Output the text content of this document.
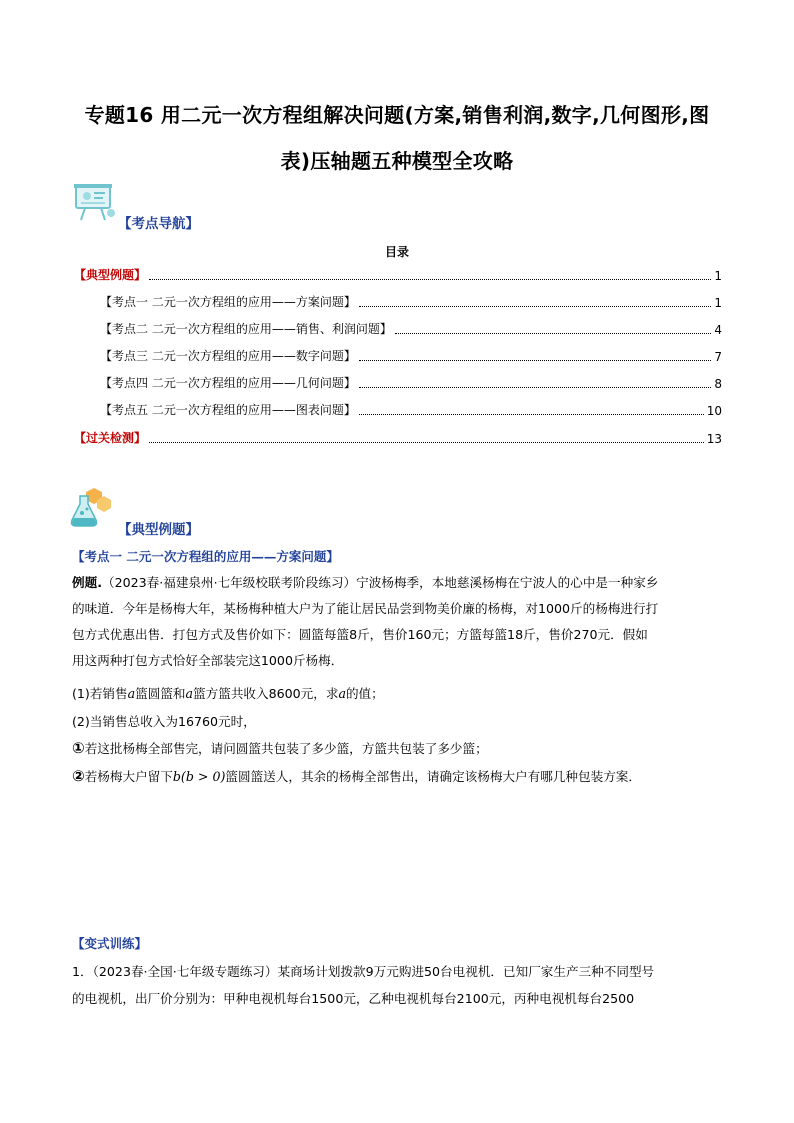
专题16 用二元一次方程组解决问题(方案,销售利润,数字,几何图形,图
表)压轴题五种模型全攻略
【考点导航】
目录
【典型例题】	1
【考点一 二元一次方程组的应用——方案问题】	1
【考点二 二元一次方程组的应用——销售、利润问题】	4
【考点三 二元一次方程组的应用——数字问题】	7
【考点四 二元一次方程组的应用——几何问题】	8
【考点五 二元一次方程组的应用——图表问题】	10
【过关检测】	13
【典型例题】
【考点一 二元一次方程组的应用——方案问题】
例题.（2023春·福建泉州·七年级校联考阶段练习）宁波杨梅季，本地慈溪杨梅在宁波人的心中是一种家乡
的味道．今年是杨梅大年，某杨梅种植大户为了能让居民品尝到物美价廉的杨梅，对1000斤的杨梅进行打
包方式优惠出售．打包方式及售价如下：圆篮每篮8斤，售价160元；方篮每篮18斤，售价270元．假如
用这两种打包方式恰好全部装完这1000斤杨梅．
(1)若销售a篮圆篮和a篮方篮共收入8600元，求a的值；
(2)当销售总收入为16760元时，
①若这批杨梅全部售完，请问圆篮共包装了多少篮，方篮共包装了多少篮；
②若杨梅大户留下b(b > 0)篮圆篮送人，其余的杨梅全部售出，请确定该杨梅大户有哪几种包装方案．
【变式训练】
1．（2023春·全国·七年级专题练习）某商场计划拨款9万元购进50台电视机．已知厂家生产三种不同型号
的电视机，出厂价分别为：甲种电视机每台1500元，乙种电视机每台2100元，丙种电视机每台2500
